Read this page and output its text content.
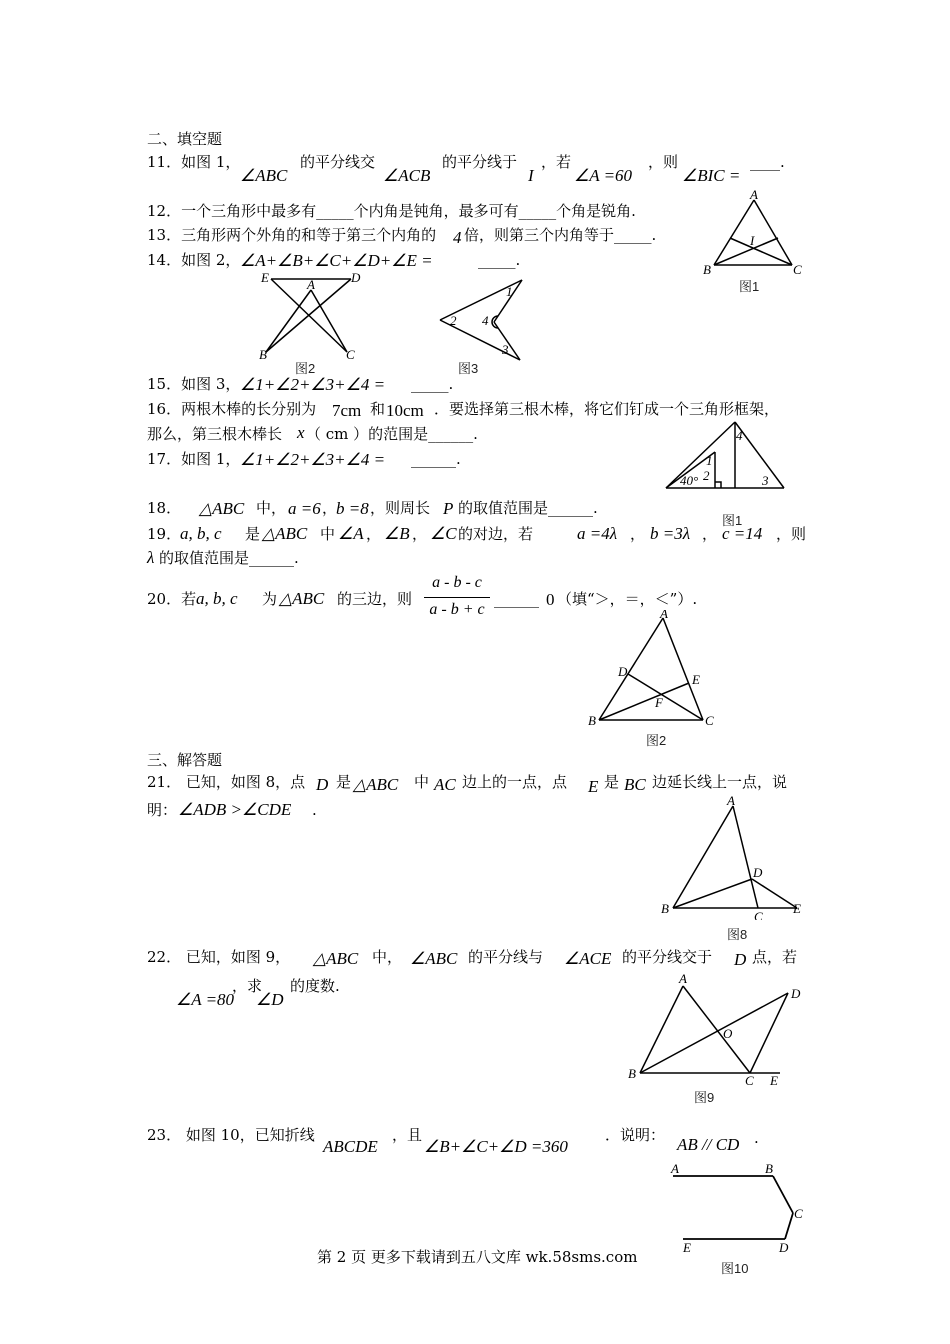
二、填空题
11．如图 1，
∠ABC
的平分线交
∠ACB
的平分线于
I
，若
∠A =60
，则
∠BIC =
____.
12．一个三角形中最多有_____个内角是钝角，最多可有_____个角是锐角.
13．三角形两个外角的和等于第三个内角的 4 倍，则第三个内角等于_____.
14．如图 2， ∠A+∠B+∠C+∠D+∠E =	_____.
A
I
B	C
图1
E	A	D
B	C
图2
1
2 4
3
图3
15．如图 3， ∠1+∠2+∠3+∠4 = _____.
16．两根木棒的长分别为 7cm 和 10cm ．要选择第三根木棒，将它们钉成一个三角形框架，
那么，第三根木棒长 x （ cm ）的范围是______.
17．如图 1， ∠1+∠2+∠3+∠4 = ______.
4
1
2
40°	3
图1
18． △ABC 中， a =6 ，
b =8 ，则周长 P 的取值范围是______.
19．
a, b, c 是 △ABC 中 ∠A ， ∠B ， ∠C 的对边，若	a =4λ ， b =3λ ， c =14 ，则
λ 的取值范围是______.
20．若 a, b, c 为 △ABC 的三边，则
a - b - c
a - b + c
______ 0 （填“＞，＝，＜”）.
A
D
E
F
B	C
图2
三、解答题
21． 已知，如图 8，点 D 是 △ABC 中 AC 边上的一点，点 E 是 BC 边延长线上一点，说
明： ∠ADB >∠CDE .
A
D
B
C
E
图8
22． 已知，如图 9， △ABC 中， ∠ABC 的平分线与 ∠ACE 的平分线交于 D 点，若
∠A =80
，求
∠D
的度数.	A
D
O
B	C E
图9
23． 如图 10，已知折线
ABCDE
，且
∠B+∠C+∠D =360
．说明： AB // CD .
A	B
C
E	D
图10
第 2 页 更多下载请到五八文库 wk.58sms.com
